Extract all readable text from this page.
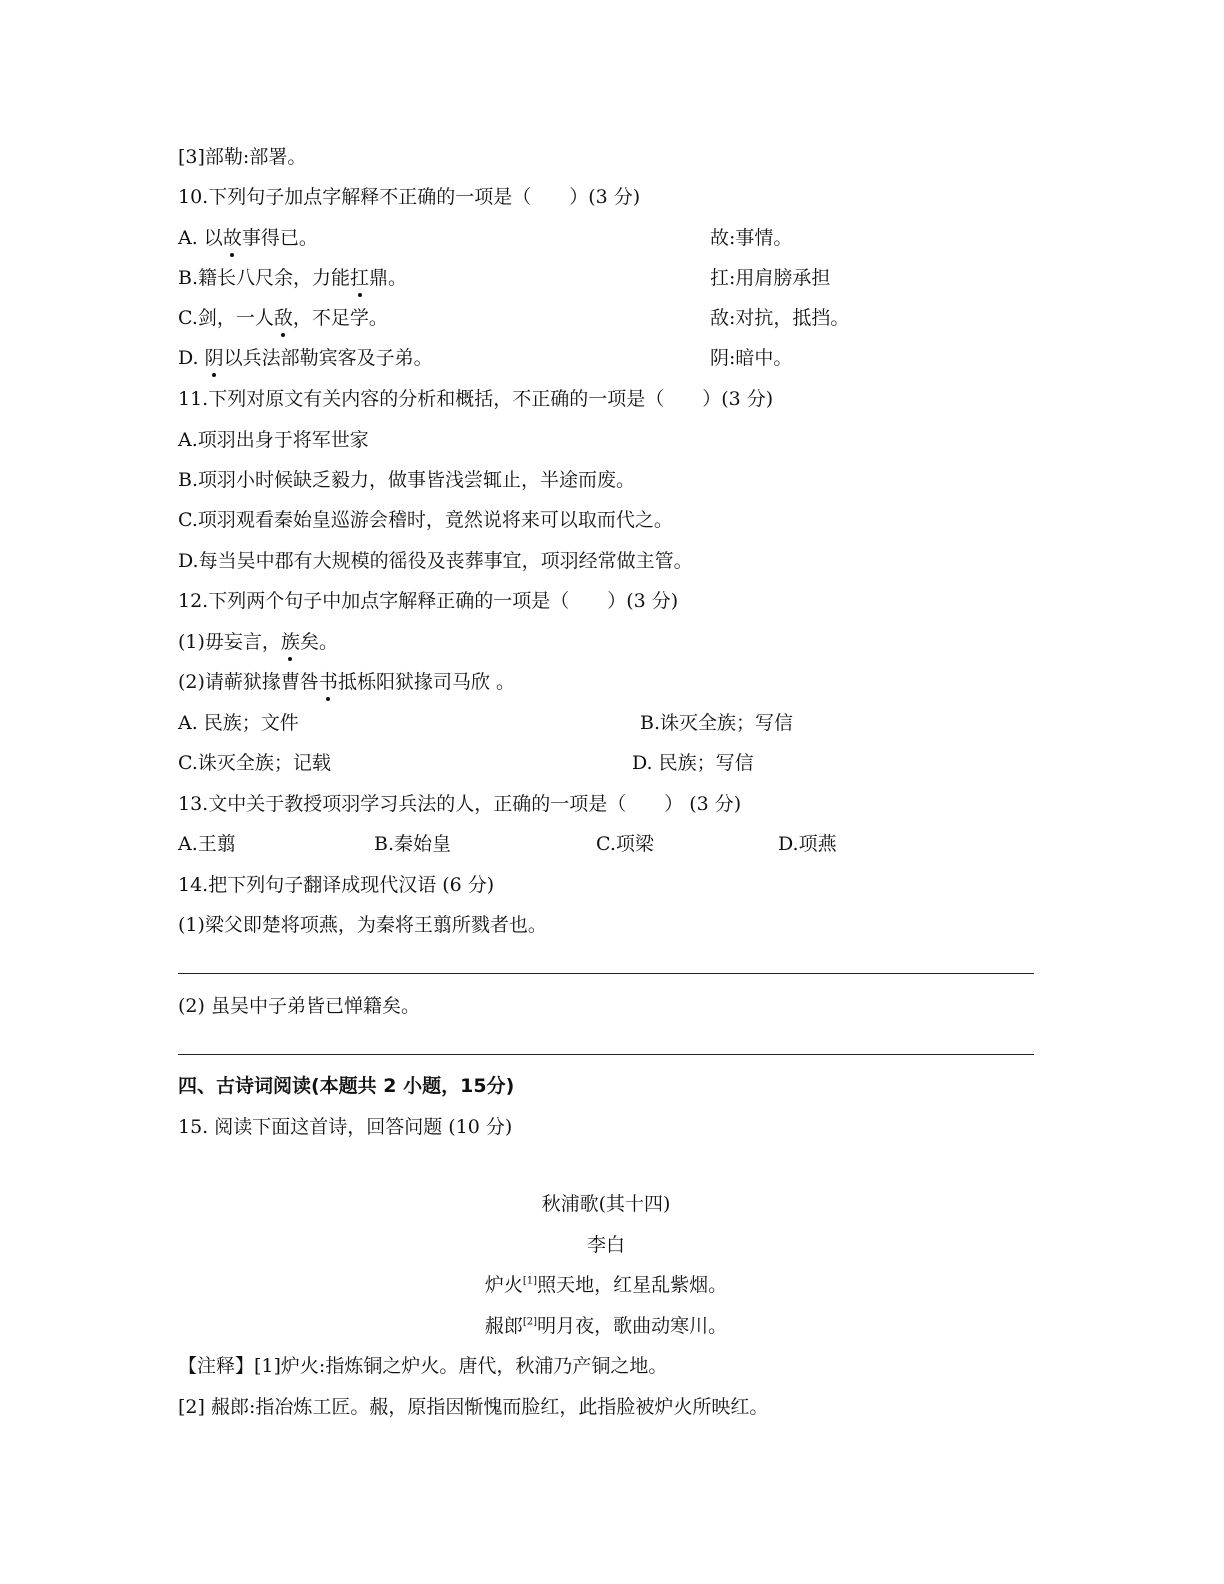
[3]部勒:部署。
10.下列句子加点字解释不正确的一项是（　　）(3 分)
A. 以故事得已。	故:事情。
B.籍长八尺余，力能扛鼎。	扛:用肩膀承担
C.剑，一人敌，不足学。	敌:对抗，抵挡。
D. 阴以兵法部勒宾客及子弟。	阴:暗中。
11.下列对原文有关内容的分析和概括，不正确的一项是（　　）(3 分)
A.项羽出身于将军世家
B.项羽小时候缺乏毅力，做事皆浅尝辄止，半途而废。
C.项羽观看秦始皇巡游会稽时，竟然说将来可以取而代之。
D.每当吴中郡有大规模的徭役及丧葬事宜，项羽经常做主管。
12.下列两个句子中加点字解释正确的一项是（　　）(3 分)
(1)毋妄言，族矣。
(2)请蕲狱掾曹咎书抵栎阳狱掾司马欣 。
A. 民族；文件	B.诛灭全族；写信
C.诛灭全族；记载	D. 民族；写信
13.文中关于教授项羽学习兵法的人，正确的一项是（　　） (3 分)
A.王翦	B.秦始皇	C.项梁	D.项燕
14.把下列句子翻译成现代汉语 (6 分)
(1)梁父即楚将项燕，为秦将王翦所戮者也。
(2) 虽吴中子弟皆已惮籍矣。
四、古诗词阅读(本题共 2 小题，15分)
15. 阅读下面这首诗，回答问题 (10 分)
秋浦歌(其十四)
李白
炉火[1]照天地，红星乱紫烟。
赧郎[2]明月夜，歌曲动寒川。
【注释】[1]炉火:指炼铜之炉火。唐代，秋浦乃产铜之地。
[2] 赧郎:指冶炼工匠。赧，原指因惭愧而脸红，此指脸被炉火所映红。
